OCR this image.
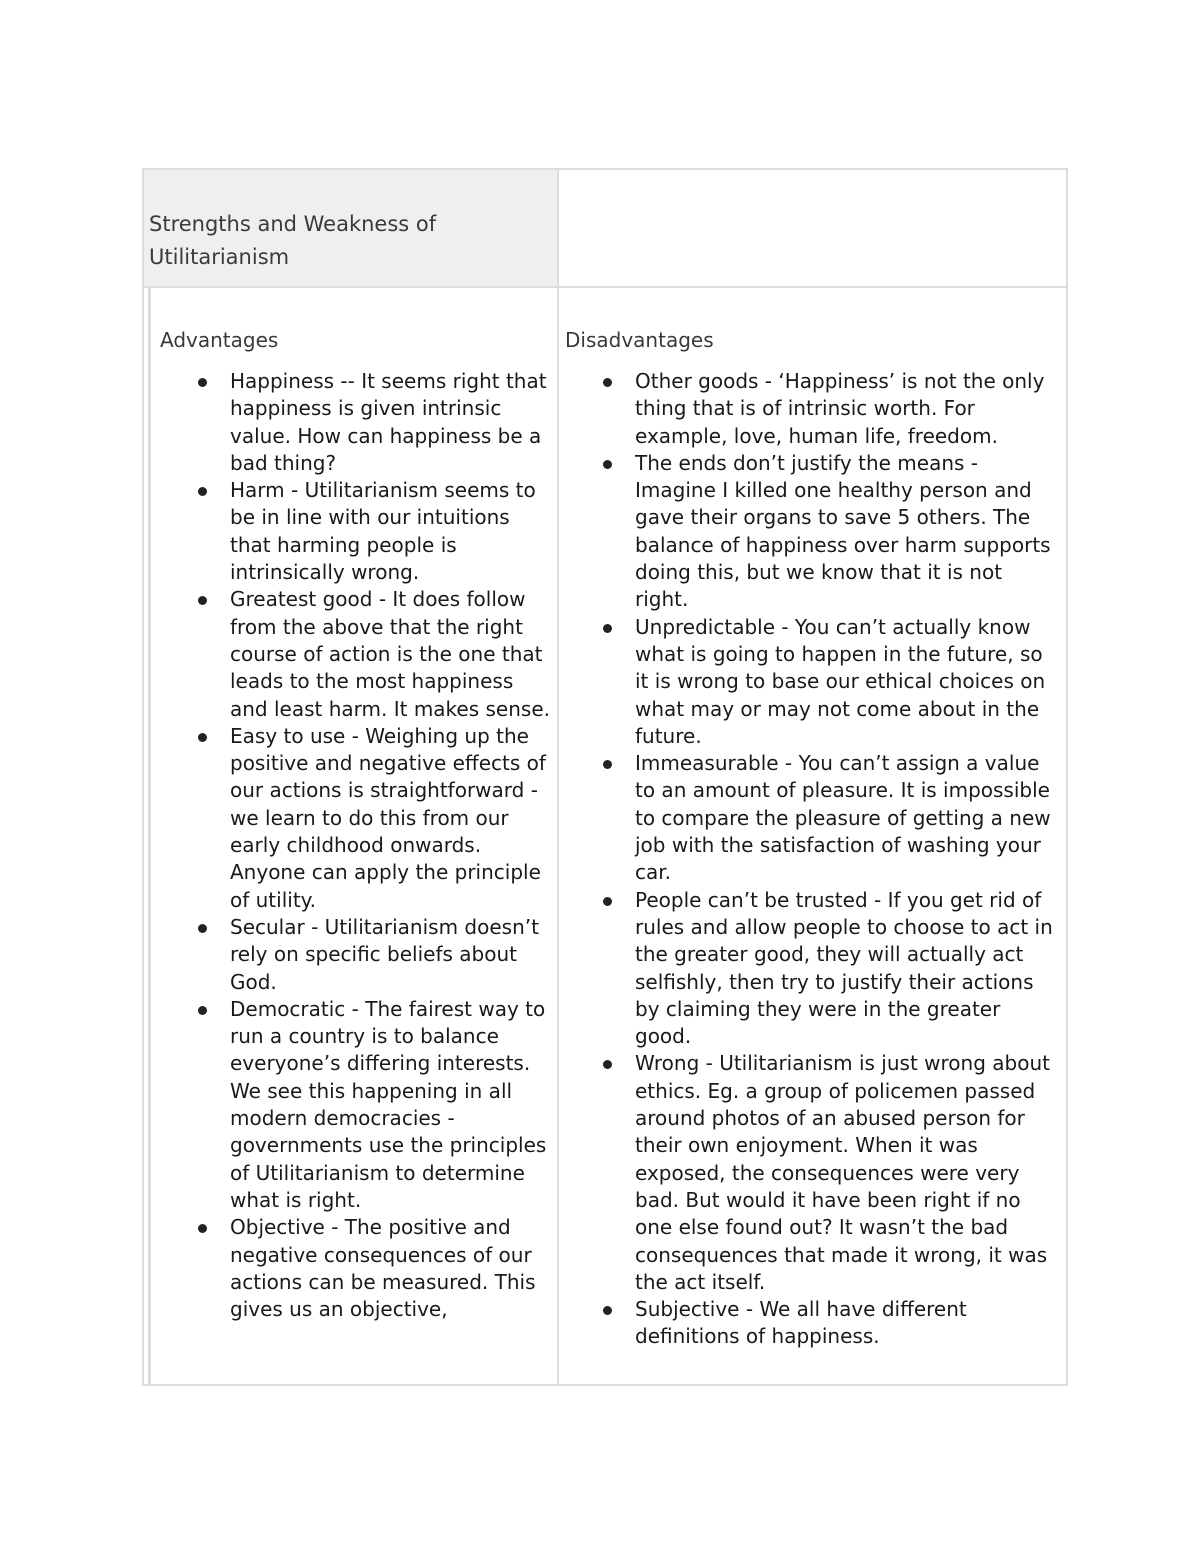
Strengths and Weakness of Utilitarianism
Advantages
Happiness -- It seems right that happiness is given intrinsic value. How can happiness be a bad thing?
Harm - Utilitarianism seems to be in line with our intuitions that harming people is intrinsically wrong.
Greatest good - It does follow from the above that the right course of action is the one that leads to the most happiness and least harm. It makes sense.
Easy to use - Weighing up the positive and negative effects of our actions is straightforward - we learn to do this from our early childhood onwards. Anyone can apply the principle of utility.
Secular - Utilitarianism doesn’t rely on specific beliefs about God.
Democratic - The fairest way to run a country is to balance everyone’s differing interests. We see this happening in all modern democracies - governments use the principles of Utilitarianism to determine what is right.
Objective - The positive and negative consequences of our actions can be measured. This gives us an objective,
Disadvantages
Other goods - ‘Happiness’ is not the only thing that is of intrinsic worth. For example, love, human life, freedom.
The ends don’t justify the means - Imagine I killed one healthy person and gave their organs to save 5 others. The balance of happiness over harm supports doing this, but we know that it is not right.
Unpredictable - You can’t actually know what is going to happen in the future, so it is wrong to base our ethical choices on what may or may not come about in the future.
Immeasurable - You can’t assign a value to an amount of pleasure. It is impossible to compare the pleasure of getting a new job with the satisfaction of washing your car.
People can’t be trusted - If you get rid of rules and allow people to choose to act in the greater good, they will actually act selfishly, then try to justify their actions by claiming they were in the greater good.
Wrong - Utilitarianism is just wrong about ethics. Eg. a group of policemen passed around photos of an abused person for their own enjoyment. When it was exposed, the consequences were very bad. But would it have been right if no one else found out? It wasn’t the bad consequences that made it wrong, it was the act itself.
Subjective - We all have different definitions of happiness.
